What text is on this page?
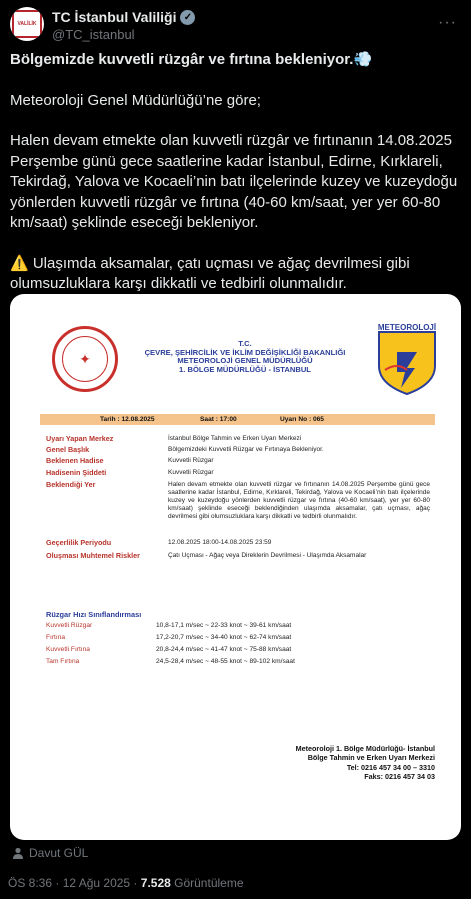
VALİLİK TC İstanbul Valiliği ✓
@TC_istanbul
···

Bölgemizde kuvvetli rüzgâr ve fırtına bekleniyor.💨

Meteoroloji Genel Müdürlüğü’ne göre;

Halen devam etmekte olan kuvvetli rüzgâr ve fırtınanın 14.08.2025 Perşembe günü gece saatlerine kadar İstanbul, Edirne, Kırklareli, Tekirdağ, Yalova ve Kocaeli’nin batı ilçelerinde kuzey ve kuzeydoğu yönlerden kuvvetli rüzgâr ve fırtına (40-60 km/saat, yer yer 60-80 km/saat) şeklinde eseceği bekleniyor.

⚠️ Ulaşımda aksamalar, çatı uçması ve ağaç devrilmesi gibi olumsuzluklara karşı dikkatli ve tedbirli olunmalıdır.

✦
T.C.
ÇEVRE, ŞEHİRCİLİK VE İKLİM DEĞİŞİKLİĞİ BAKANLIĞI
METEOROLOJİ GENEL MÜDÜRLÜĞÜ
1. BÖLGE MÜDÜRLÜĞÜ - İSTANBUL
METEOROLOJİ
Tarih : 12.08.2025	Saat : 17:00	Uyarı No : 065
Uyarı Yapan Merkez	İstanbul Bölge Tahmin ve Erken Uyarı Merkezi
Genel Başlık	Bölgemizdeki Kuvvetli Rüzgar ve Fırtınaya Bekleniyor.
Beklenen Hadise	Kuvvetli Rüzgar
Hadisenin Şiddeti	Kuvvetli Rüzgar
Beklendiği Yer	Halen devam etmekte olan kuvvetli rüzgar ve fırtınanın 14.08.2025 Perşembe günü gece saatlerine kadar İstanbul, Edirne, Kırklareli, Tekirdağ, Yalova ve Kocaeli’nin batı ilçelerinde kuzey ve kuzeydoğu yönlerden kuvvetli rüzgar ve fırtına (40-60 km/saat), yer yer 60-80 km/saat) şeklinde eseceği beklendiğinden ulaşımda aksamalar, çatı uçması, ağaç devrilmesi gibi olumsuzluklara karşı dikkatli ve tedbirli olunmalıdır.
Geçerlilik Periyodu	12.08.2025 18:00-14.08.2025 23:59
Oluşması Muhtemel Riskler	Çatı Uçması - Ağaç veya Direklerin Devrilmesi - Ulaşımda Aksamalar
Rüzgar Hızı Sınıflandırması
Kuvvetli Rüzgar	10,8-17,1 m/sec ~ 22-33 knot ~ 39-61 km/saat
Fırtına	17,2-20,7 m/sec ~ 34-40 knot ~ 62-74 km/saat
Kuvvetli Fırtına	20,8-24,4 m/sec ~ 41-47 knot ~ 75-88 km/saat
Tam Fırtına	24,5-28,4 m/sec ~ 48-55 knot ~ 89-102 km/saat
Meteoroloji 1. Bölge Müdürlüğü- İstanbul
Bölge Tahmin ve Erken Uyarı Merkezi
Tel: 0216 457 34 00 – 3310
Faks: 0216 457 34 03
Davut GÜL
ÖS 8:36 · 12 Ağu 2025 · 7.528 Görüntüleme
